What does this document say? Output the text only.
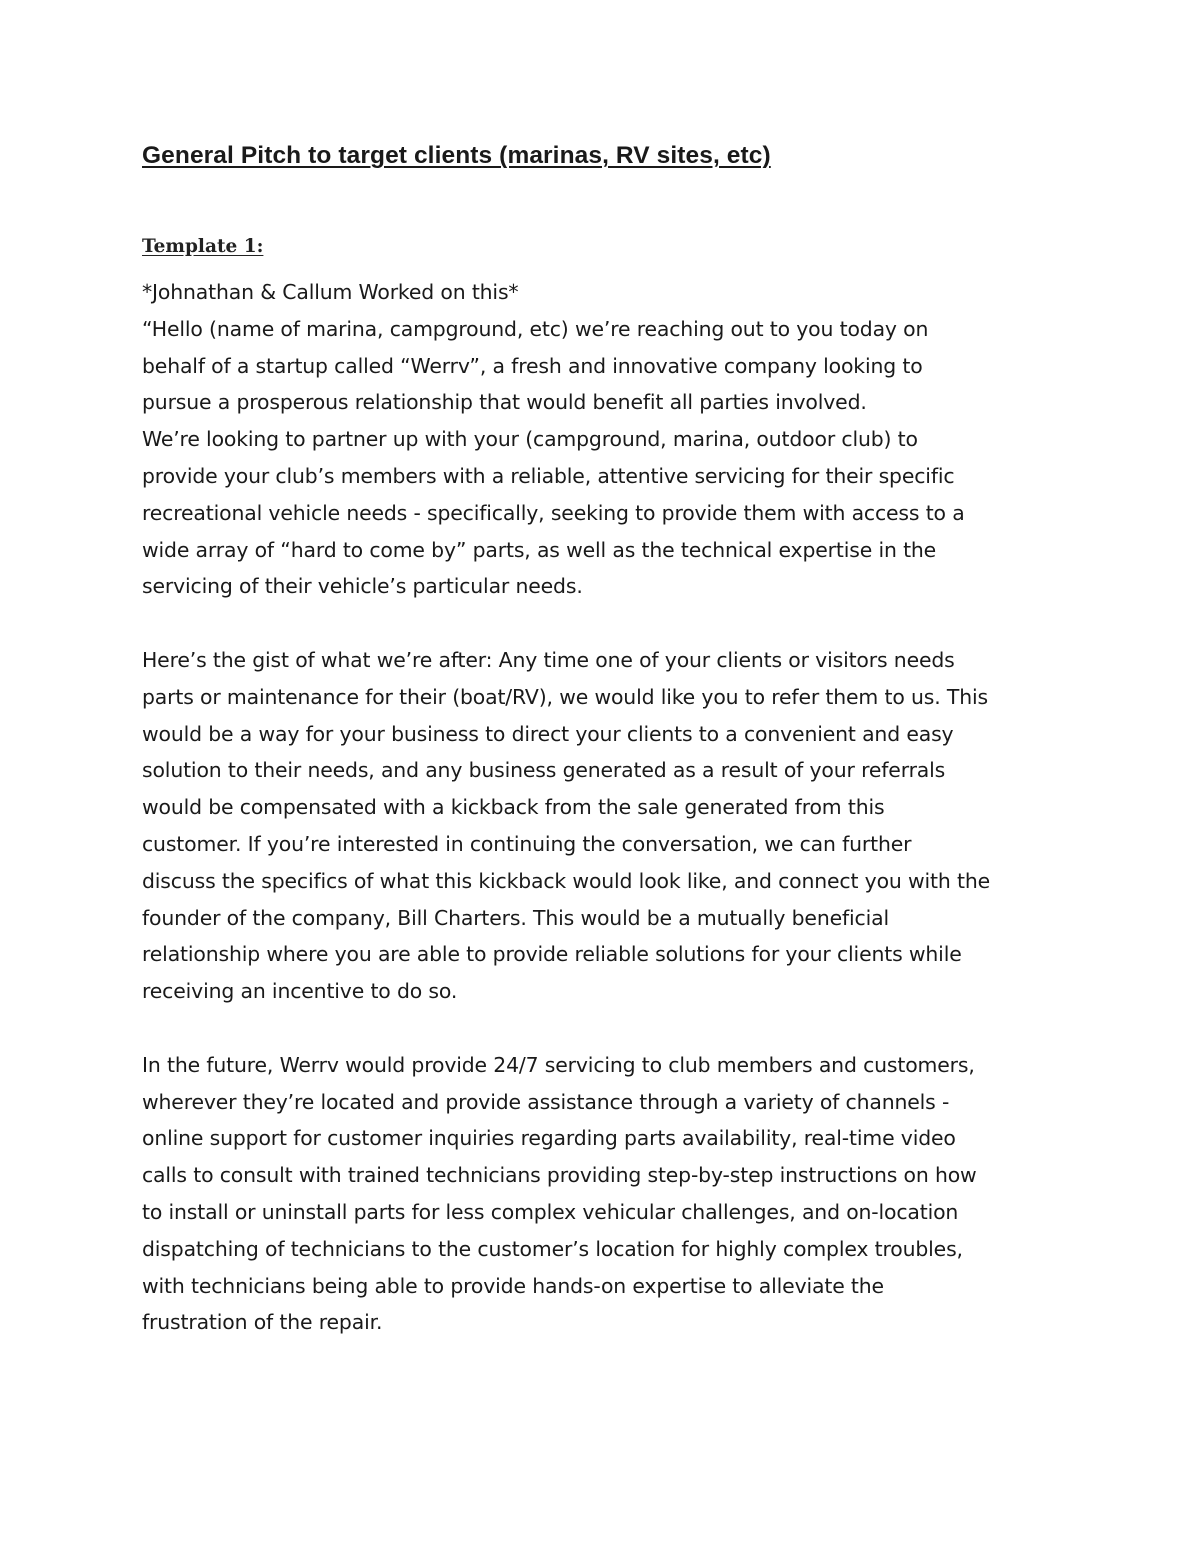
General Pitch to target clients (marinas, RV sites, etc)
Template 1:
*Johnathan & Callum Worked on this*
“Hello (name of marina, campground, etc) we’re reaching out to you today on
behalf of a startup called “Werrv”, a fresh and innovative company looking to
pursue a prosperous relationship that would benefit all parties involved.
We’re looking to partner up with your (campground, marina, outdoor club) to
provide your club’s members with a reliable, attentive servicing for their specific
recreational vehicle needs - specifically, seeking to provide them with access to a
wide array of “hard to come by” parts, as well as the technical expertise in the
servicing of their vehicle’s particular needs.
Here’s the gist of what we’re after: Any time one of your clients or visitors needs
parts or maintenance for their (boat/RV), we would like you to refer them to us. This
would be a way for your business to direct your clients to a convenient and easy
solution to their needs, and any business generated as a result of your referrals
would be compensated with a kickback from the sale generated from this
customer. If you’re interested in continuing the conversation, we can further
discuss the specifics of what this kickback would look like, and connect you with the
founder of the company, Bill Charters. This would be a mutually beneficial
relationship where you are able to provide reliable solutions for your clients while
receiving an incentive to do so.
In the future, Werrv would provide 24/7 servicing to club members and customers,
wherever they’re located and provide assistance through a variety of channels -
online support for customer inquiries regarding parts availability, real-time video
calls to consult with trained technicians providing step-by-step instructions on how
to install or uninstall parts for less complex vehicular challenges, and on-location
dispatching of technicians to the customer’s location for highly complex troubles,
with technicians being able to provide hands-on expertise to alleviate the
frustration of the repair.
